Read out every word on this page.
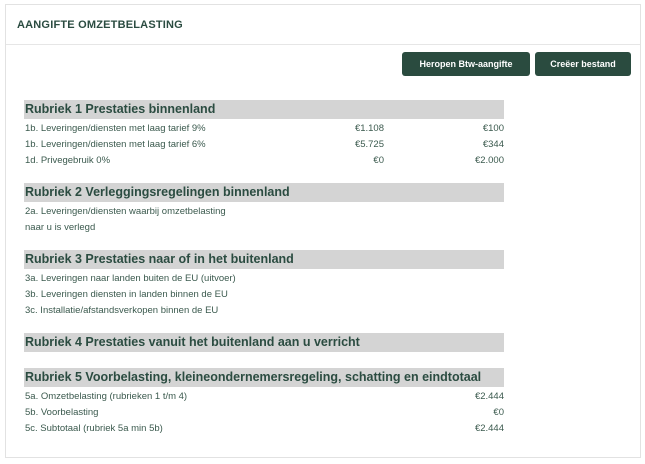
AANGIFTE OMZETBELASTING
Heropen Btw-aangifte	Creëer bestand
Rubriek 1 Prestaties binnenland
1b. Leveringen/diensten met laag tarief 9%	€1.108	€100
1b. Leveringen/diensten met laag tarief 6%	€5.725	€344
1d. Privegebruik 0%	€0	€2.000
Rubriek 2 Verleggingsregelingen binnenland
2a. Leveringen/diensten waarbij omzetbelasting
naar u is verlegd
Rubriek 3 Prestaties naar of in het buitenland
3a. Leveringen naar landen buiten de EU (uitvoer)
3b. Leveringen diensten in landen binnen de EU
3c. Installatie/afstandsverkopen binnen de EU
Rubriek 4 Prestaties vanuit het buitenland aan u verricht
Rubriek 5 Voorbelasting, kleineondernemersregeling, schatting en eindtotaal
5a. Omzetbelasting (rubrieken 1 t/m 4)	€2.444
5b. Voorbelasting	€0
5c. Subtotaal (rubriek 5a min 5b)	€2.444
